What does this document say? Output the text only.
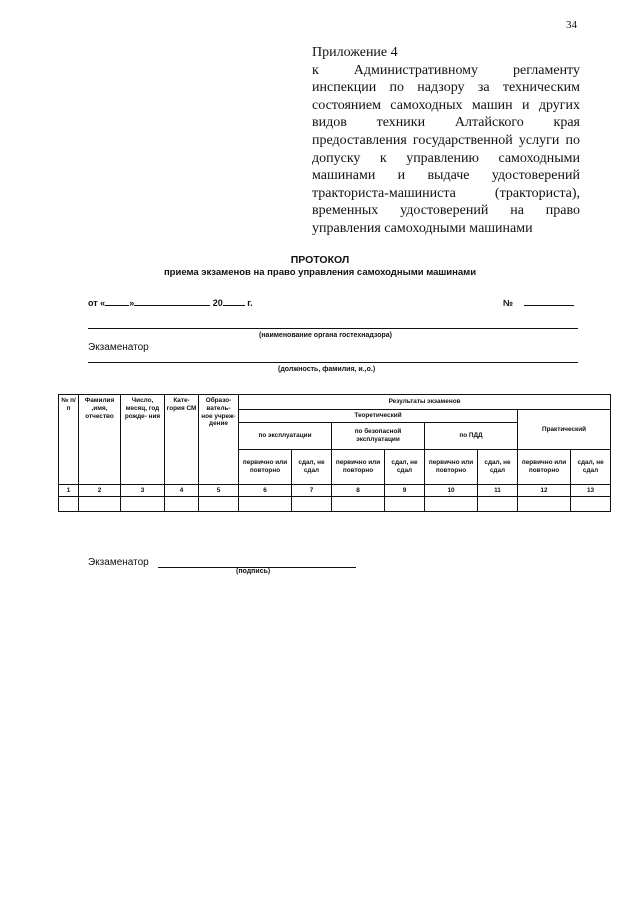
34

Приложение 4

к Административному регламенту инспекции по надзору за техническим состоянием самоходных машин и других видов техники Алтайского края предоставления государственной услуги по допуску к управлению самоходными машинами и выдаче удостоверений тракториста-машиниста (тракториста), временных удостоверений на право управления самоходными машинами

ПРОТОКОЛ
приема экзаменов на право управления самоходными машинами
от «	»	20	г.	№
(наименование органа гостехнадзора)
Экзаменатор
(должность, фамилия, и.,о.)
№ п/п	Фамилия ,имя, отчество	Число, месяц, год рожде- ния	Кате- гория СМ	Образо- ватель- ное учреж- дение	Результаты экзаменов							
					Теоретический						Практический	
					по эксплуатации		по безопасной эксплуатации		по ПДД			
					первично или повторно	сдал, не сдал	первично или повторно	сдал, не сдал	первично или повторно	сдал, не сдал	первично или повторно	сдал, не сдал
1	2	3	4	5	6	7	8	9	10	11	12	13

Экзаменатор
(подпись)
